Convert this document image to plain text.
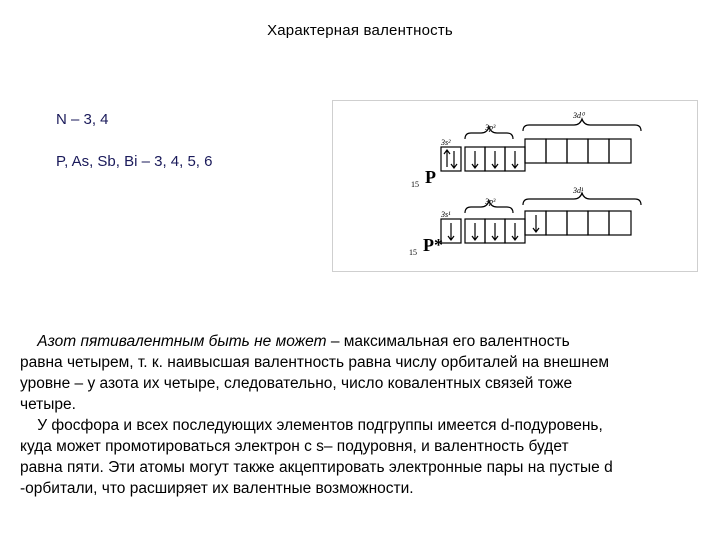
Характерная валентность
N – 3, 4
P, As, Sb, Bi – 3, 4, 5, 6
P
15
P*
15
3s²
3p³
3d⁰
3s¹
3p³
3d¹

Азот пятивалентным быть не может – максимальная его валентность

равна четырем, т. к. наивысшая валентность равна числу орбиталей на внешнем

уровне – у азота их четыре, следовательно, число ковалентных связей тоже

четыре.

У фосфора и всех последующих элементов подгруппы имеется d-подуровень,

куда может промотироваться электрон с s– подуровня, и валентность будет

равна пяти. Эти атомы могут также акцептировать электронные пары на пустые d

-орбитали, что расширяет их валентные возможности.
